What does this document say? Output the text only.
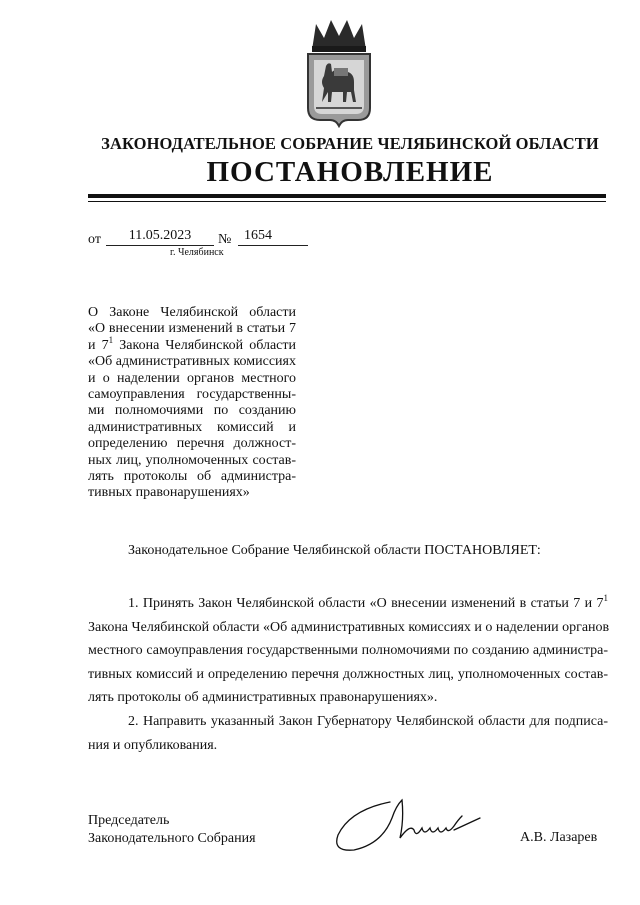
ЗАКОНОДАТЕЛЬНОЕ СОБРАНИЕ ЧЕЛЯБИНСКОЙ ОБЛАСТИ
ПОСТАНОВЛЕНИЕ
от	11.05.2023	№ 1654
г. Челябинск
О Законе Челябинской области
«О внесении изменений в статьи 7
и $7^1$ Закона Челябинской области
«Об административных комиссиях
и о наделении органов местного
самоуправления государственны-
ми полномочиями по созданию
административных комиссий и
определению перечня должност-
ных лиц, уполномоченных состав-
лять протоколы об администра-
тивных правонарушениях»
Законодательное Собрание Челябинской области ПОСТАНОВЛЯЕТ:
1. Принять Закон Челябинской области «О внесении изменений в статьи 7 и $7^1$
Закона Челябинской области «Об административных комиссиях и о наделении органов
местного самоуправления государственными полномочиями по созданию администра-
тивных комиссий и определению перечня должностных лиц, уполномоченных состав-
лять протоколы об административных правонарушениях».
2. Направить указанный Закон Губернатору Челябинской области для подписа-
ния и опубликования.
Председатель
Законодательного Собрания	А.В. Лазарев
